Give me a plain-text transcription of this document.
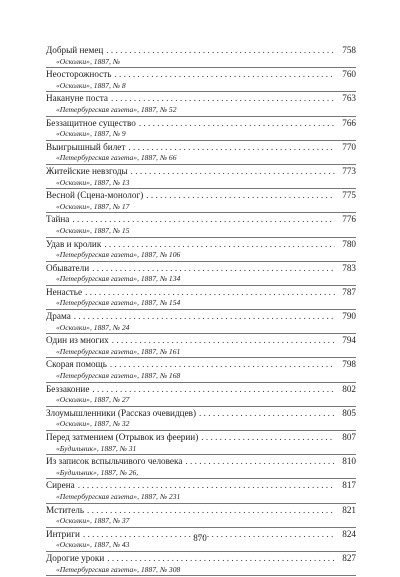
Добрый немец . . .	758
«Осколки», 1887, №
Неосторожность . . .	760
«Осколки», 1887, № 8
Накануне поста . . .	763
«Петербургская газета», 1887, № 52
Беззащитное существо . . .	766
«Осколки», 1887, № 9
Выигрышный билет . . .	770
«Петербургская газета», 1887, № 66
Житейские невзгоды . . .	773
«Осколки», 1887, № 13
Весной (Сцена-монолог) . . .	775
«Осколки», 1887, № 17
Тайна . . .	776
«Осколки», 1887, № 15
Удав и кролик . . .	780
«Петербургская газета», 1887, № 106
Обыватели . . .	783
«Петербургская газета», 1887, № 134
Ненастье . . .	787
«Петербургская газета», 1887, № 154
Драма . . .	790
«Осколки», 1887, № 24
Один из многих . . .	794
«Петербургская газета», 1887, № 161
Скорая помощь . . .	798
«Петербургская газета», 1887, № 168
Беззаконие . . .	802
«Осколки», 1887, № 27
Злоумышленники (Рассказ очевидцев) . . .	805
«Осколки», 1887, № 32
Перед затмением (Отрывок из феерии) . . .	807
«Будильник», 1887, № 31
Из записок вспыльчивого человека . . .	810
«Будильник», 1887, № 26,
Сирена . . .	817
«Петербургская газета», 1887, № 231
Мститель . . .	821
«Осколки», 1887, № 37
Интриги . . .	824
«Осколки», 1887, № 43
Дорогие уроки . . .	827
«Петербургская газета», 1887, № 308
870
